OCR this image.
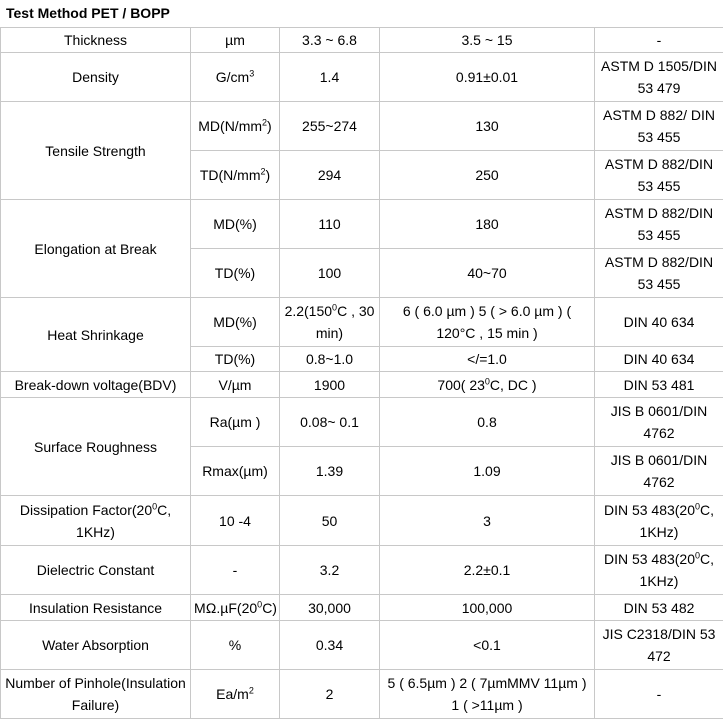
Test Method PET / BOPP
Thickness	µm	3.3 ~ 6.8	3.5 ~ 15	-
Density	$G/cm^3$	1.4	0.91±0.01	ASTM D 1505/DIN 53 479
Tensile Strength	$MD(N/mm^2)$	255~274	130	ASTM D 882/ DIN 53 455
	$TD(N/mm^2)$	294	250	ASTM D 882/DIN 53 455
Elongation at Break	MD(%)	110	180	ASTM D 882/DIN 53 455
	TD(%)	100	40~70	ASTM D 882/DIN 53 455
Heat Shrinkage	MD(%)	$2.2(150^0C$ , 30 min)	6 ( 6.0 µm ) 5 ( > 6.0 µm ) ( 120°C , 15 min )	DIN 40 634
	TD(%)	0.8~1.0	</=1.0	DIN 40 634
Break-down voltage(BDV)	V/µm	1900	700( $23^0C$, DC )	DIN 53 481
Surface Roughness	Ra(µm )	0.08~ 0.1	0.8	JIS B 0601/DIN 4762
	Rmax(µm)	1.39	1.09	JIS B 0601/DIN 4762
Dissipation $Factor(20^0C$, 1KHz)	10 -4	50	3	DIN 53 $483(20^0C$, 1KHz)
Dielectric Constant	-	3.2	2.2±0.1	DIN 53 $483(20^0C$, 1KHz)
Insulation Resistance	$MΩ.\mu F(20^0C)$	30,000	100,000	DIN 53 482
Water Absorption	%	0.34	<0.1	JIS C2318/DIN 53 472
Number of Pinhole(Insulation Failure)	$Ea/m^2$	2	5 ( 6.5µm ) 2 ( 7µmMMV 11µm ) 1 ( >11µm )	-
